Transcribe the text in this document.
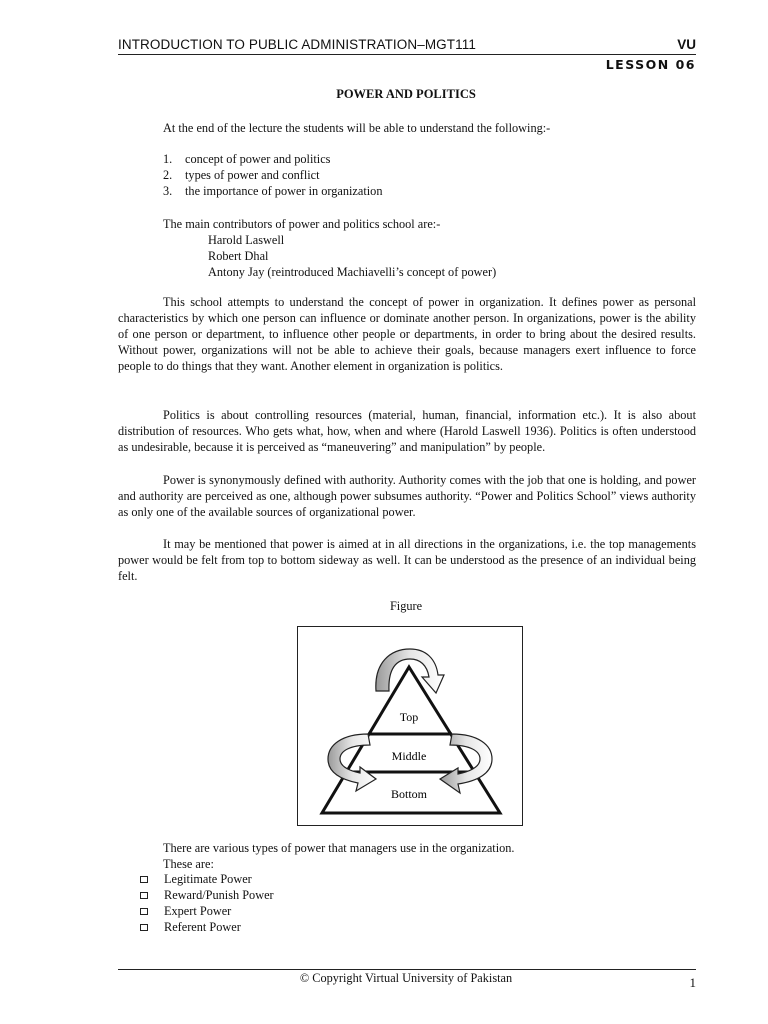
INTRODUCTION TO PUBLIC ADMINISTRATION–MGT111	VU
LESSON 06
POWER AND POLITICS
At the end of the lecture the students will be able to understand the following:-
1. concept of power and politics
2. types of power and conflict
3. the importance of power in organization
The main contributors of power and politics school are:-
Harold Laswell
Robert Dhal
Antony Jay (reintroduced Machiavelli’s concept of power)
This school attempts to understand the concept of power in organization. It defines power as personal characteristics by which one person can influence or dominate another person. In organizations, power is the ability of one person or department, to influence other people or departments, in order to bring about the desired results. Without power, organizations will not be able to achieve their goals, because managers exert influence to force people to do things that they want. Another element in organization is politics.
Politics is about controlling resources (material, human, financial, information etc.). It is also about distribution of resources. Who gets what, how, when and where (Harold Laswell 1936). Politics is often understood as undesirable, because it is perceived as “maneuvering” and manipulation” by people.
Power is synonymously defined with authority. Authority comes with the job that one is holding, and power and authority are perceived as one, although power subsumes authority. “Power and Politics School” views authority as only one of the available sources of organizational power.
It may be mentioned that power is aimed at in all directions in the organizations, i.e. the top managements power would be felt from top to bottom sideway as well. It can be understood as the presence of an individual being felt.
Figure
Top
Middle
Bottom
There are various types of power that managers use in the organization.
These are:
Legitimate Power
Reward/Punish Power
Expert Power
Referent Power
© Copyright Virtual University of Pakistan	1
